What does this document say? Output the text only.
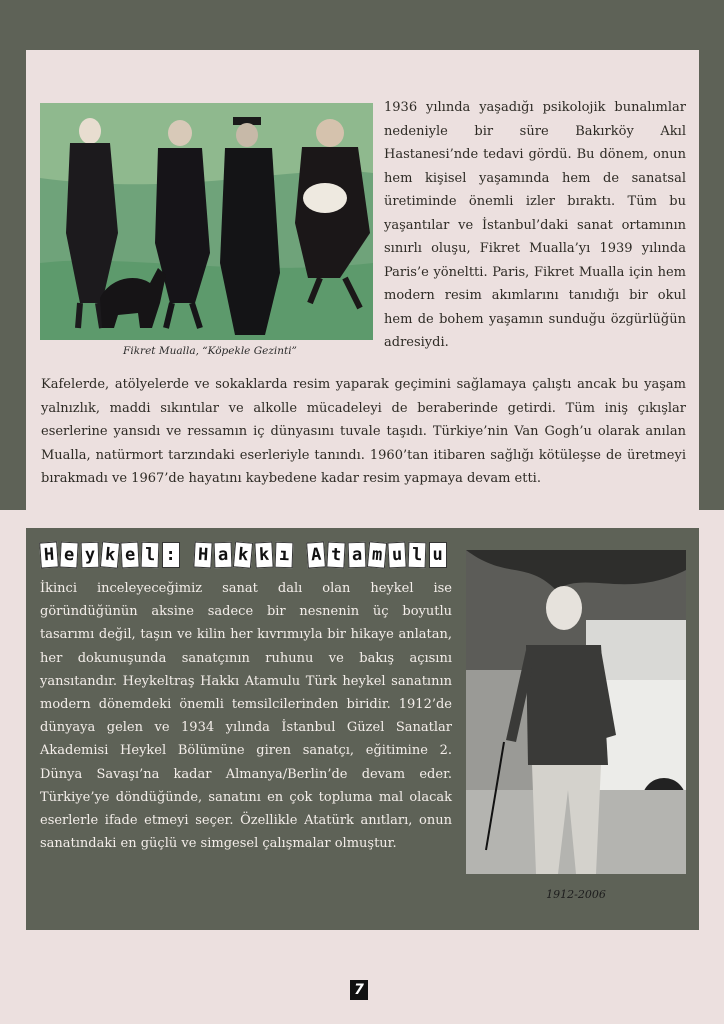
Fikret Mualla, “Köpekle Gezinti”
1936 yılında yaşadığı psikolojik bunalımlar nedeniyle bir süre Bakırköy Akıl Hastanesi’nde tedavi gördü. Bu dönem, onun hem kişisel yaşamında hem de sanatsal üretiminde önemli izler bıraktı. Tüm bu yaşantılar ve İstanbul’daki sanat ortamının sınırlı oluşu, Fikret Mualla’yı 1939 yılında Paris’e yöneltti. Paris, Fikret Mualla için hem modern resim akımlarını tanıdığı bir okul hem de bohem yaşamın sunduğu özgürlüğün adresiydi.
Kafelerde, atölyelerde ve sokaklarda resim yaparak geçimini sağlamaya çalıştı ancak bu yaşam yalnızlık, maddi sıkıntılar ve alkolle mücadeleyi de beraberinde getirdi. Tüm iniş çıkışlar eserlerine yansıdı ve ressamın iç dünyasını tuvale taşıdı. Türkiye’nin Van Gogh’u olarak anılan Mualla, natürmort tarzındaki eserleriyle tanındı. 1960’tan itibaren sağlığı kötüleşse de üretmeyi bırakmadı ve 1967’de hayatını kaybedene kadar resim yapmaya devam etti.
H e y k e l : H a k k ı A t a m u l u
İkinci inceleyeceğimiz sanat dalı olan heykel ise göründüğünün aksine sadece bir nesnenin üç boyutlu tasarımı değil, taşın ve kilin her kıvrımıyla bir hikaye anlatan, her dokunuşunda sanatçının ruhunu ve bakış açısını yansıtandır. Heykeltraş Hakkı Atamulu Türk heykel sanatının modern dönemdeki önemli temsilcilerinden biridir. 1912’de dünyaya gelen ve 1934 yılında İstanbul Güzel Sanatlar Akademisi Heykel Bölümüne giren sanatçı, eğitimine 2. Dünya Savaşı’na kadar Almanya/Berlin’de devam eder. Türkiye’ye döndüğünde, sanatını en çok topluma mal olacak eserlerle ifade etmeyi seçer. Özellikle Atatürk anıtları, onun sanatındaki en güçlü ve simgesel çalışmalar olmuştur.
1912-2006
7
